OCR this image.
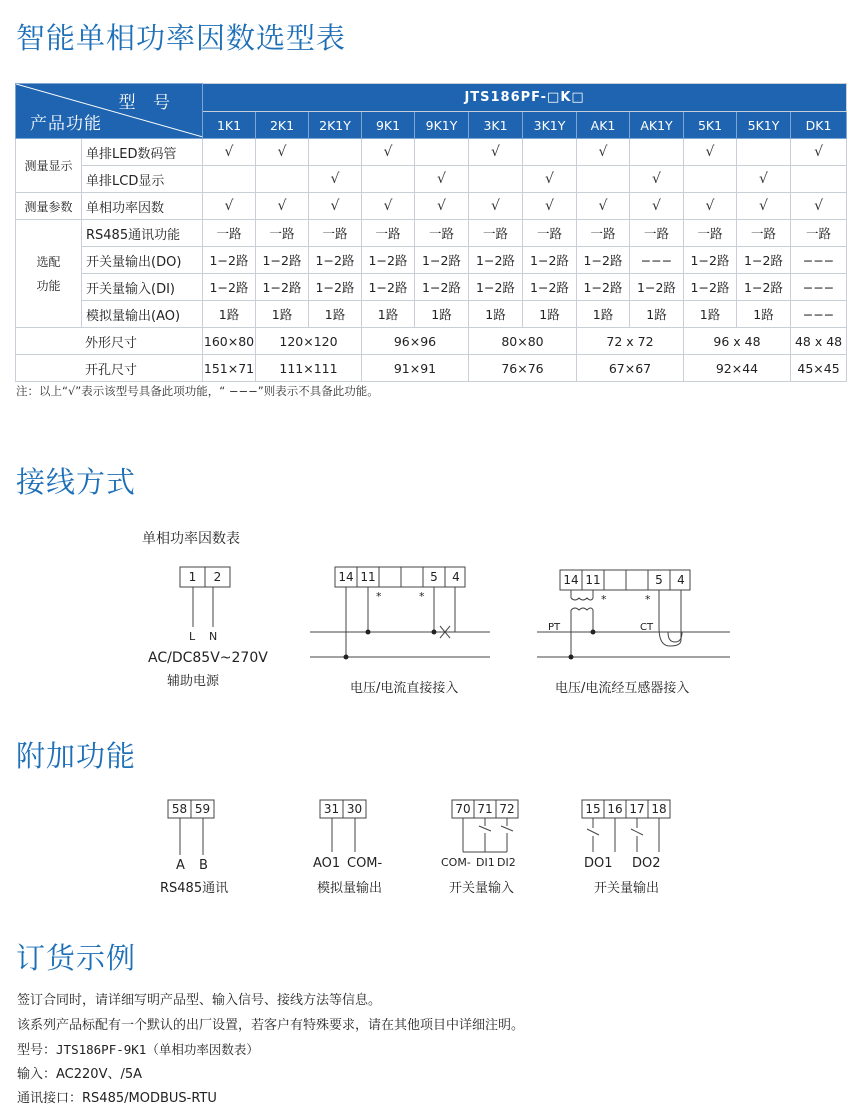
智能单相功率因数选型表
接线方式
附加功能
订货示例
型 号
产品功能		JTS186PF-□K□											
		1K1	2K1	2K1Y	9K1	9K1Y	3K1	3K1Y	AK1	AK1Y	5K1	5K1Y	DK1
测量显示	单排LED数码管	√	√		√		√		√		√		√
	单排LCD显示			√		√		√		√		√	
测量参数	单相功率因数	√	√	√	√	√	√	√	√	√	√	√	√
选配
功能	RS485通讯功能	一路	一路	一路	一路	一路	一路	一路	一路	一路	一路	一路	一路
	开关量输出(DO)	1−2路	1−2路	1−2路	1−2路	1−2路	1−2路	1−2路	1−2路	−−−	1−2路	1−2路	−−−
	开关量输入(DI)	1−2路	1−2路	1−2路	1−2路	1−2路	1−2路	1−2路	1−2路	1−2路	1−2路	1−2路	−−−
	模拟量输出(AO)	1路	1路	1路	1路	1路	1路	1路	1路	1路	1路	1路	−−−
外形尺寸		160×80	120×120		96×96		80×80		72 x 72		96 x 48		48 x 48
开孔尺寸		151×71	111×111		91×91		76×76		67×67		92×44		45×45
注：以上“√”表示该型号具备此项功能，“ −−−”则表示不具备此功能。
1	2
L N
AC/DC85V~270V
辅助电源
单相功率因数表
14 11	5	4
*	*
电压/电流直接接入
14 11	5	4
*	*
PT	CT
电压/电流经互感器接入
58 59
A B
RS485通讯
31 30
AO1 COM-
模拟量输出
70 71 72
COM- DI1 DI2
开关量输入
15 16 17 18
DO1 DO2
开关量输出
签订合同时，请详细写明产品型、输入信号、接线方法等信息。
该系列产品标配有一个默认的出厂设置，若客户有特殊要求，请在其他项目中详细注明。
型号：JTS186PF-9K1（单相功率因数表）
输入：AC220V、/5A
通讯接口：RS485/MODBUS-RTU
